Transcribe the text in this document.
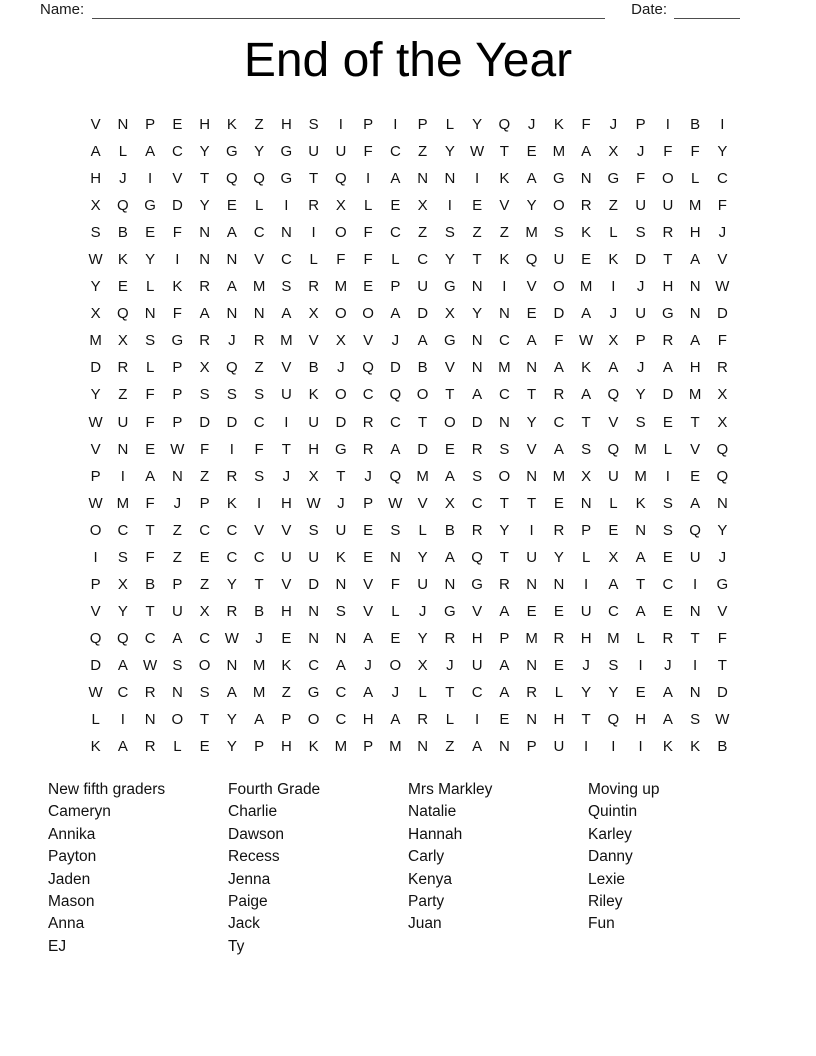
Name:	Date:
End of the Year
V	N	P	E	H	K	Z	H	S	I	P	I	P	L	Y	Q	J	K	F	J	P	I	B	I
A	L	A	C	Y	G	Y	G	U	U	F	C	Z	Y	W	T	E	M	A	X	J	F	F	Y
H	J	I	V	T	Q	Q	G	T	Q	I	A	N	N	I	K	A	G	N	G	F	O	L	C
X	Q	G	D	Y	E	L	I	R	X	L	E	X	I	E	V	Y	O	R	Z	U	U	M	F
S	B	E	F	N	A	C	N	I	O	F	C	Z	S	Z	Z	M	S	K	L	S	R	H	J
W	K	Y	I	N	N	V	C	L	F	F	L	C	Y	T	K	Q	U	E	K	D	T	A	V
Y	E	L	K	R	A	M	S	R	M	E	P	U	G	N	I	V	O	M	I	J	H	N W
X	Q	N	F	A	N	N	A	X	O	O	A	D	X	Y	N	E	D	A	J	U	G	N	D
M	X	S	G	R	J	R	M	V	X	V	J	A	G	N	C	A	F	W	X	P	R	A	F
D	R	L	P	X	Q	Z	V	B	J	Q	D	B	V	N	M	N	A	K	A	J	A	H	R
Y	Z	F	P	S	S	S	U	K	O	C	Q	O	T	A	C	T	R	A	Q	Y	D	M	X
W U	F	P	D	D	C	I	U	D	R	C	T	O	D	N	Y	C	T	V	S	E	T	X
V	N	E	W	F	I	F	T	H	G	R	A	D	E	R	S	V	A	S	Q	M	L	V	Q
P	I	A	N	Z	R	S	J	X	T	J	Q	M	A	S	O	N	M	X	U	M	I	E	Q
W M	F	J	P	K	I	H W	J	P	W	V	X	C	T	T	E	N	L	K	S	A	N
O	C	T	Z	C	C	V	V	S	U	E	S	L	B	R	Y	I	R	P	E	N	S	Q	Y
I	S	F	Z	E	C	C	U	U	K	E	N	Y	A	Q	T	U	Y	L	X	A	E	U	J
P	X	B	P	Z	Y	T	V	D	N	V	F	U	N	G	R	N	N	I	A	T	C	I	G
V	Y	T	U	X	R	B	H	N	S	V	L	J	G	V	A	E	E	U	C	A	E	N	V
Q	Q	C	A	C W	J	E	N	N	A	E	Y	R	H	P	M	R	H	M	L	R	T	F
D	A	W	S	O	N	M	K	C	A	J	O	X	J	U	A	N	E	J	S	I	J	I	T
W C	R	N	S	A	M	Z	G	C	A	J	L	T	C	A	R	L	Y	Y	E	A	N	D
L	I	N	O	T	Y	A	P	O	C	H	A	R	L	I	E	N	H	T	Q	H	A	S	W
K	A	R	L	E	Y	P	H	K	M	P	M	N	Z	A	N	P	U	I	I	I	K	K	B
New fifth graders
Cameryn
Annika
Payton
Jaden
Mason
Anna
EJ
Fourth Grade
Charlie
Dawson
Recess
Jenna
Paige
Jack
Ty
Mrs Markley
Natalie
Hannah
Carly
Kenya
Party
Juan
Moving up
Quintin
Karley
Danny
Lexie
Riley
Fun
